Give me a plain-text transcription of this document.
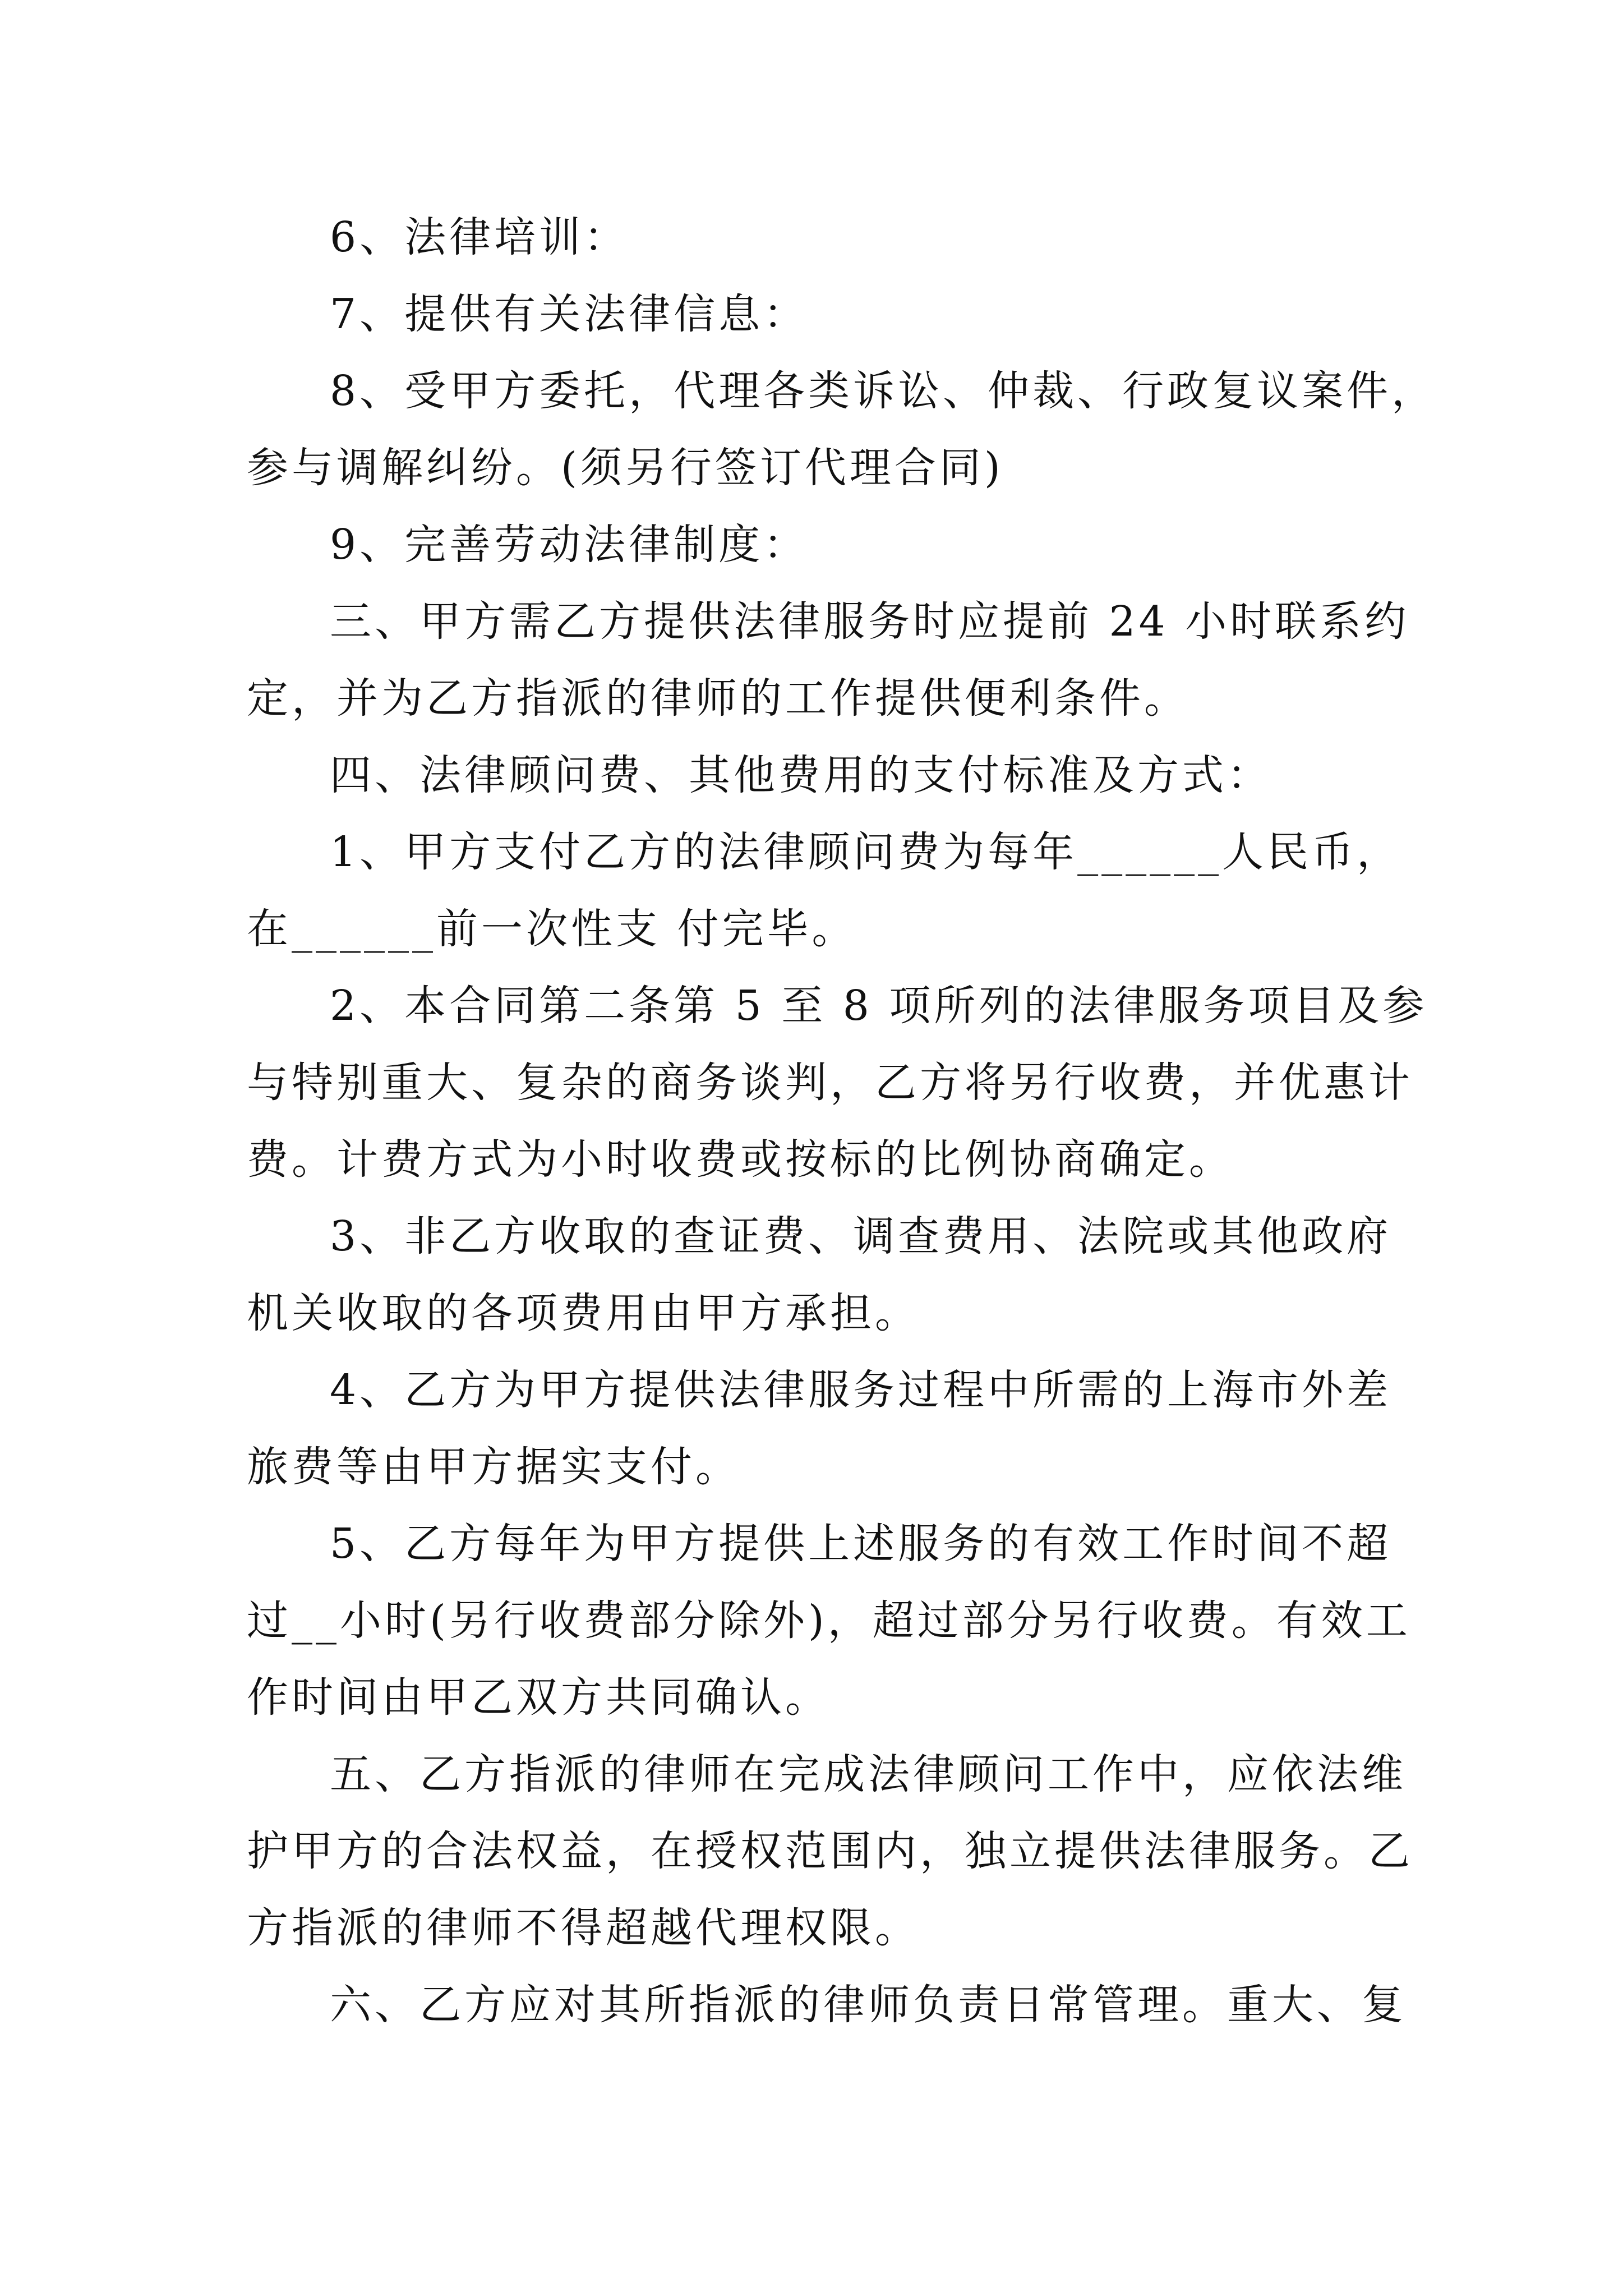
6、法律培训：
7、提供有关法律信息：
8、受甲方委托，代理各类诉讼、仲裁、行政复议案件，
参与调解纠纷。(须另行签订代理合同)
9、完善劳动法律制度：
三、甲方需乙方提供法律服务时应提前 24 小时联系约
定，并为乙方指派的律师的工作提供便利条件。
四、法律顾问费、其他费用的支付标准及方式：
1、甲方支付乙方的法律顾问费为每年______人民币，
在______前一次性支 付完毕。
2、本合同第二条第 5 至 8 项所列的法律服务项目及参
与特别重大、复杂的商务谈判，乙方将另行收费，并优惠计
费。计费方式为小时收费或按标的比例协商确定。
3、非乙方收取的查证费、调查费用、法院或其他政府
机关收取的各项费用由甲方承担。
4、乙方为甲方提供法律服务过程中所需的上海市外差
旅费等由甲方据实支付。
5、乙方每年为甲方提供上述服务的有效工作时间不超
过__小时(另行收费部分除外)，超过部分另行收费。有效工
作时间由甲乙双方共同确认。
五、乙方指派的律师在完成法律顾问工作中，应依法维
护甲方的合法权益，在授权范围内，独立提供法律服务。乙
方指派的律师不得超越代理权限。
六、乙方应对其所指派的律师负责日常管理。重大、复
